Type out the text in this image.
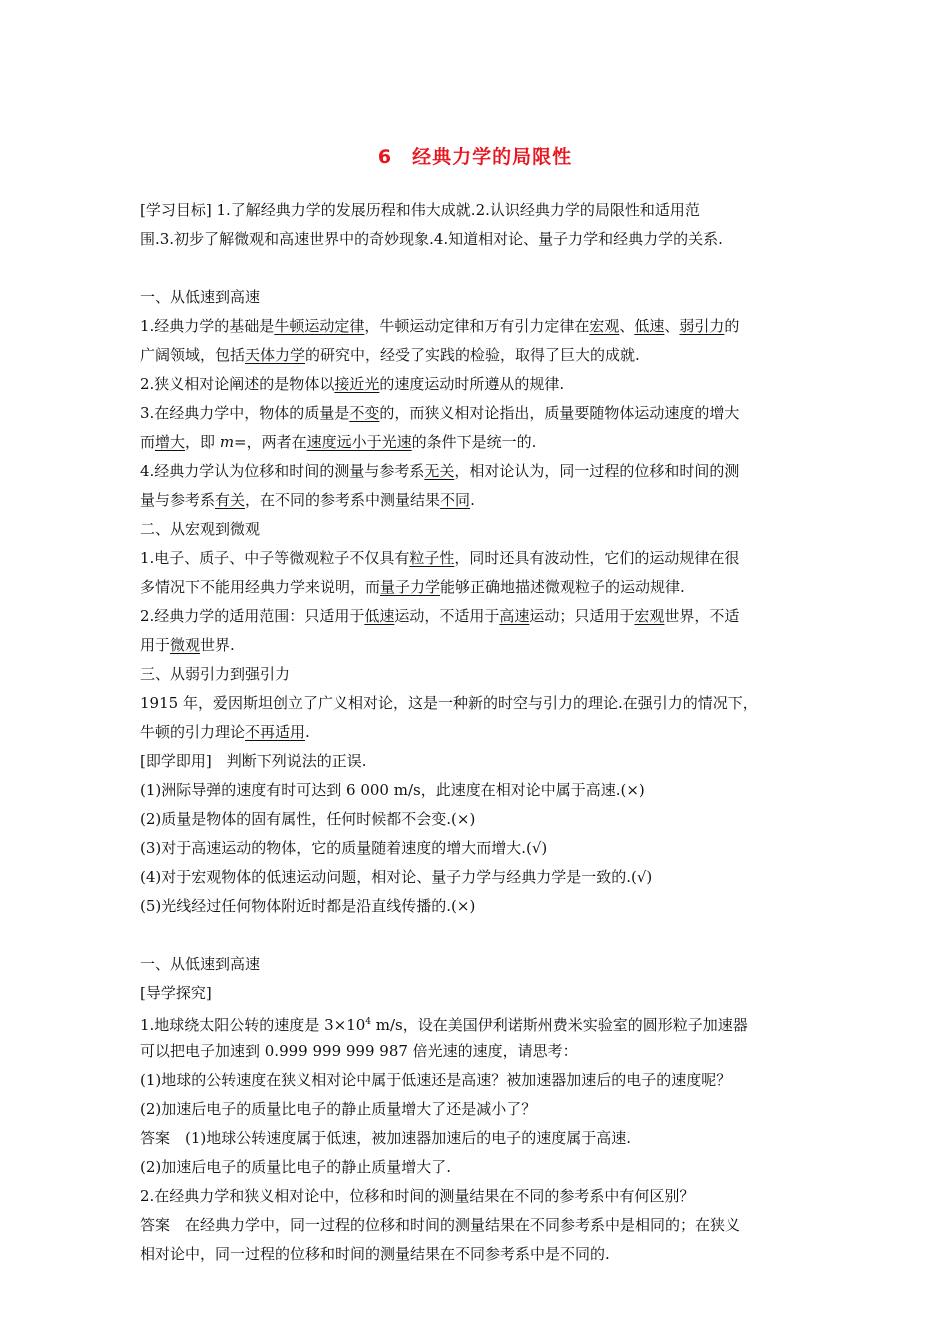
6　经典力学的局限性
[学习目标] 1.了解经典力学的发展历程和伟大成就.2.认识经典力学的局限性和适用范
围.3.初步了解微观和高速世界中的奇妙现象.4.知道相对论、量子力学和经典力学的关系.
一、从低速到高速
1.经典力学的基础是牛顿运动定律，牛顿运动定律和万有引力定律在宏观、低速、弱引力的
广阔领域，包括天体力学的研究中，经受了实践的检验，取得了巨大的成就.
2.狭义相对论阐述的是物体以接近光的速度运动时所遵从的规律.
3.在经典力学中，物体的质量是不变的，而狭义相对论指出，质量要随物体运动速度的增大
而增大，即 m=，两者在速度远小于光速的条件下是统一的.
4.经典力学认为位移和时间的测量与参考系无关，相对论认为，同一过程的位移和时间的测
量与参考系有关，在不同的参考系中测量结果不同.
二、从宏观到微观
1.电子、质子、中子等微观粒子不仅具有粒子性，同时还具有波动性，它们的运动规律在很
多情况下不能用经典力学来说明，而量子力学能够正确地描述微观粒子的运动规律.
2.经典力学的适用范围：只适用于低速运动，不适用于高速运动；只适用于宏观世界，不适
用于微观世界.
三、从弱引力到强引力
1915 年，爱因斯坦创立了广义相对论，这是一种新的时空与引力的理论.在强引力的情况下，
牛顿的引力理论不再适用.
[即学即用]　判断下列说法的正误.
(1)洲际导弹的速度有时可达到 6 000 m/s，此速度在相对论中属于高速.(×)
(2)质量是物体的固有属性，任何时候都不会变.(×)
(3)对于高速运动的物体，它的质量随着速度的增大而增大.(√)
(4)对于宏观物体的低速运动问题，相对论、量子力学与经典力学是一致的.(√)
(5)光线经过任何物体附近时都是沿直线传播的.(×)
一、从低速到高速
[导学探究]
1.地球绕太阳公转的速度是 $3\times 10^4$ m/s，设在美国伊利诺斯州费米实验室的圆形粒子加速器
可以把电子加速到 0.999 999 999 987 倍光速的速度，请思考：
(1)地球的公转速度在狭义相对论中属于低速还是高速？被加速器加速后的电子的速度呢？
(2)加速后电子的质量比电子的静止质量增大了还是减小了？
答案　(1)地球公转速度属于低速，被加速器加速后的电子的速度属于高速.
(2)加速后电子的质量比电子的静止质量增大了.
2.在经典力学和狭义相对论中，位移和时间的测量结果在不同的参考系中有何区别？
答案　在经典力学中，同一过程的位移和时间的测量结果在不同参考系中是相同的；在狭义
相对论中，同一过程的位移和时间的测量结果在不同参考系中是不同的.
